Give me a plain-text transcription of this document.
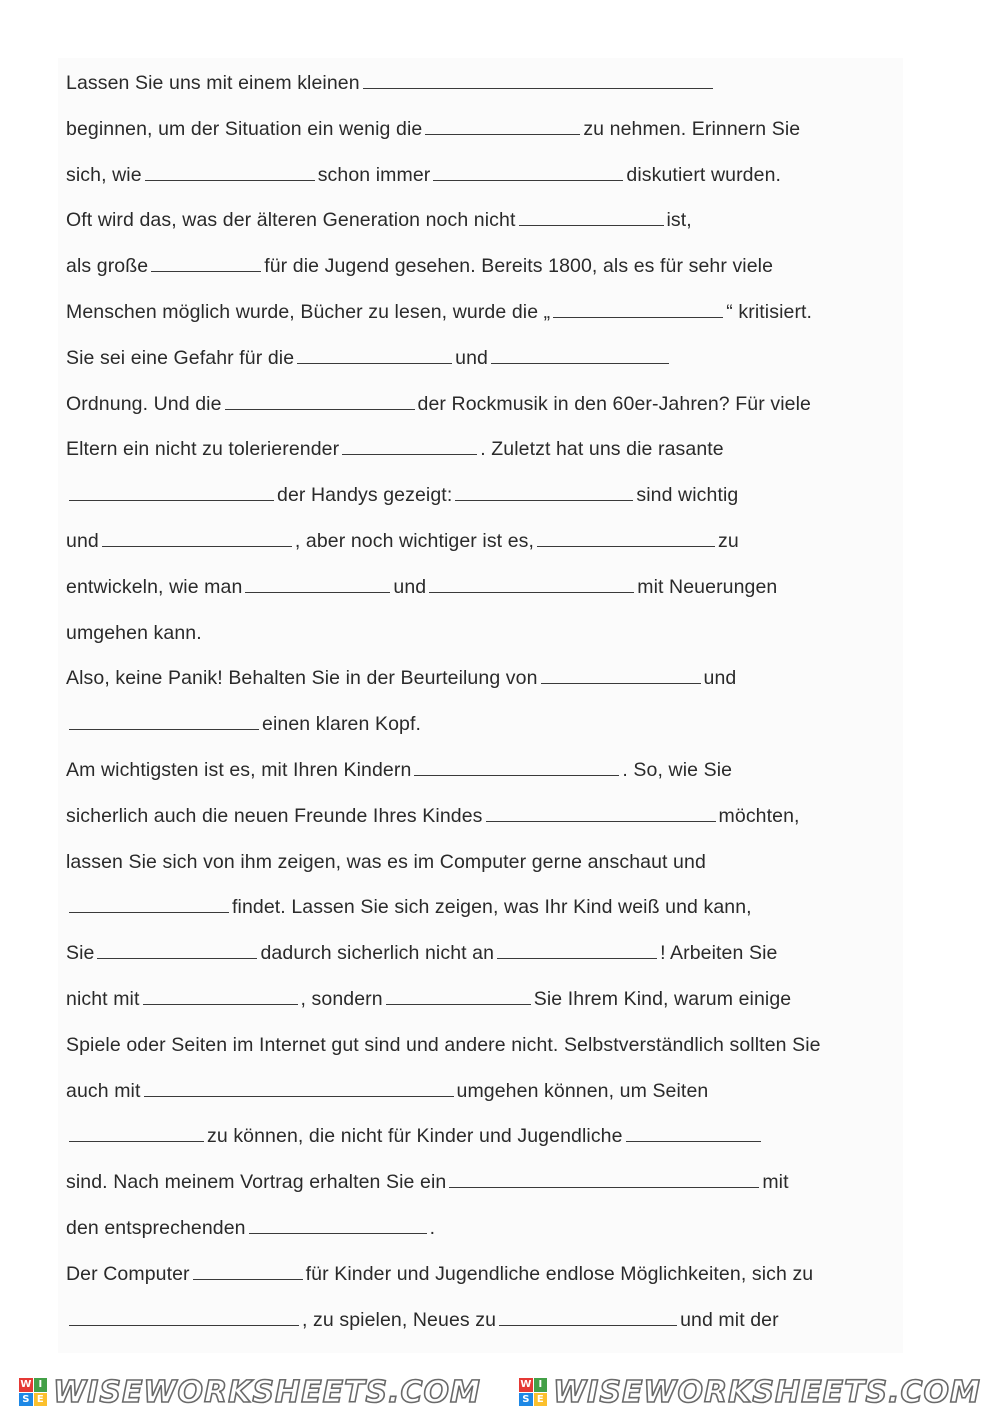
Lassen Sie uns mit einem kleinen
beginnen, um der Situation ein wenig die	zu nehmen. Erinnern Sie
sich, wie	schon immer	diskutiert wurden.
Oft wird das, was der älteren Generation noch nicht	ist,
als große	für die Jugend gesehen. Bereits 1800, als es für sehr viele
Menschen möglich wurde, Bücher zu lesen, wurde die „	“ kritisiert.
Sie sei eine Gefahr für die	und
Ordnung. Und die	der Rockmusik in den 60er-Jahren? Für viele
Eltern ein nicht zu tolerierender	. Zuletzt hat uns die rasante
der Handys gezeigt:	sind wichtig
und	, aber noch wichtiger ist es,	zu
entwickeln, wie man	und	mit Neuerungen
umgehen kann.
Also, keine Panik! Behalten Sie in der Beurteilung von	und
einen klaren Kopf.
Am wichtigsten ist es, mit Ihren Kindern	. So, wie Sie
sicherlich auch die neuen Freunde Ihres Kindes	möchten,
lassen Sie sich von ihm zeigen, was es im Computer gerne anschaut und
findet. Lassen Sie sich zeigen, was Ihr Kind weiß und kann,
Sie	dadurch sicherlich nicht an	! Arbeiten Sie
nicht mit	, sondern	Sie Ihrem Kind, warum einige
Spiele oder Seiten im Internet gut sind und andere nicht. Selbstverständlich sollten Sie
auch mit	umgehen können, um Seiten
zu können, die nicht für Kinder und Jugendliche
sind. Nach meinem Vortrag erhalten Sie ein	mit
den entsprechenden	.
Der Computer	für Kinder und Jugendliche endlose Möglichkeiten, sich zu
, zu spielen, Neues zu	und mit der
W I
S E WISEWORKSHEETS.COM	W I
S E WISEWORKSHEETS.COM
